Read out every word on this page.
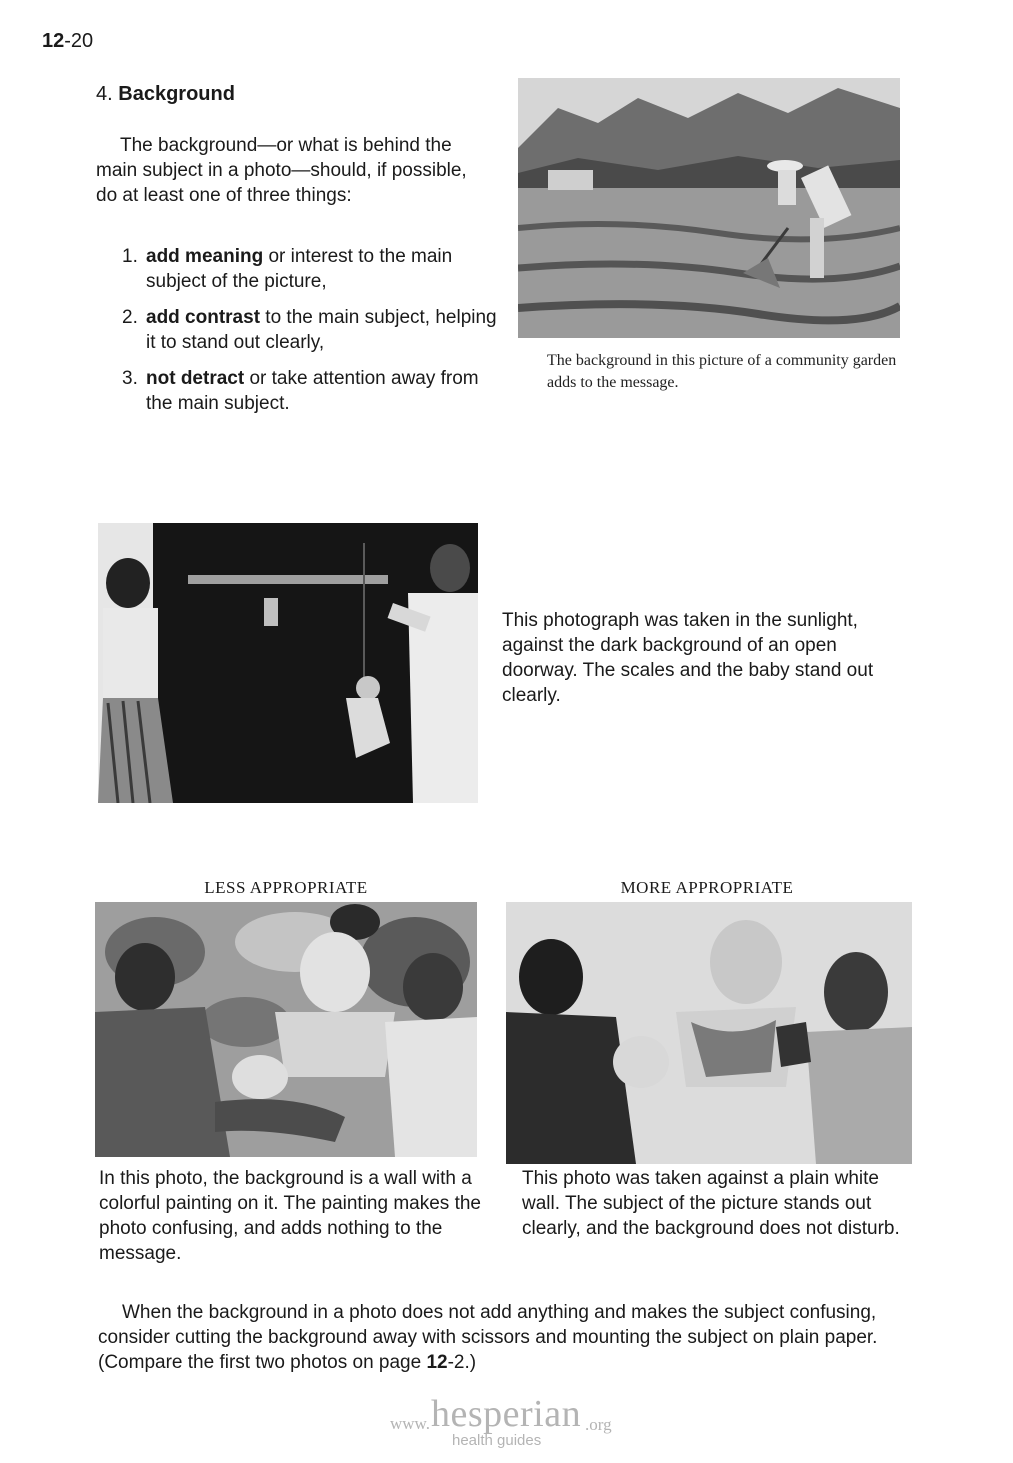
12-20
4. Background

The background—or what is behind the main subject in a photo—should, if possible, do at least one of three things:

1. add meaning or interest to the main subject of the picture,
2. add contrast to the main subject, helping it to stand out clearly,
3. not detract or take attention away from the main subject.
The background in this picture of a community garden adds to the message.

This photograph was taken in the sunlight, against the dark background of an open doorway. The scales and the baby stand out clearly.

LESS APPROPRIATE

In this photo, the background is a wall with a colorful painting on it. The painting makes the photo confusing, and adds nothing to the message.

MORE APPROPRIATE

This photo was taken against a plain white wall. The subject of the picture stands out clearly, and the background does not disturb.

When the background in a photo does not add anything and makes the subject confusing, consider cutting the background away with scissors and mounting the subject on plain paper. (Compare the first two photos on page 12-2.)

www. hesperian .org
health guides
